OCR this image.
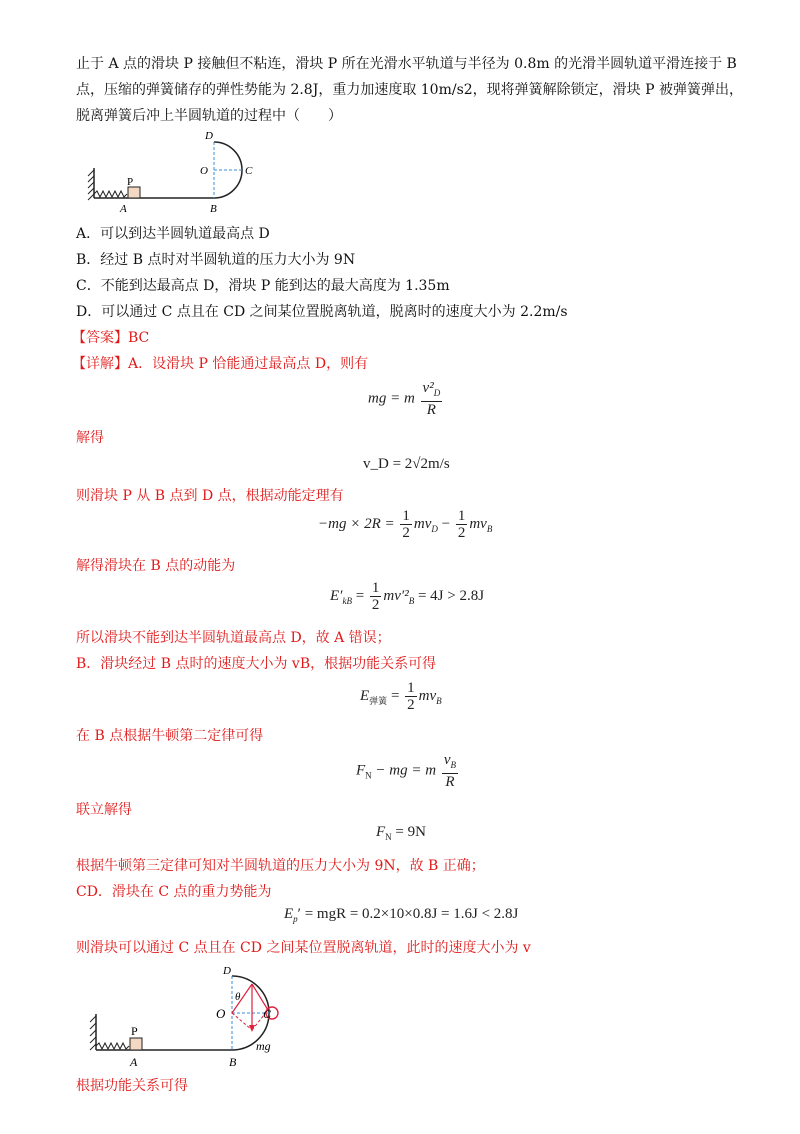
止于 A 点的滑块 P 接触但不粘连，滑块 P 所在光滑水平轨道与半径为 0.8m 的光滑半圆轨道平滑连接于 B
点，压缩的弹簧储存的弹性势能为 2.8J，重力加速度取 10m/s2，现将弹簧解除锁定，滑块 P 被弹簧弹出，
脱离弹簧后冲上半圆轨道的过程中（　　）
P
A
D
O	C
B
A．可以到达半圆轨道最高点 D
B．经过 B 点时对半圆轨道的压力大小为 9N
C．不能到达最高点 D，滑块 P 能到达的最大高度为 1.35m
D．可以通过 C 点且在 CD 之间某位置脱离轨道，脱离时的速度大小为 2.2m/s
【答案】BC
【详解】A．设滑块 P 恰能通过最高点 D，则有
mg = m $\frac{v^2_D}{R}$
解得
v_D = 2√2m/s
则滑块 P 从 B 点到 D 点，根据动能定理有
$-mg \times 2R = \frac{1}{2} mv_D - \frac{1}{2} mv_B$
解得滑块在 B 点的动能为
$E'_{kB} = \frac{1}{2} mv'^2_B = 4J > 2.8J$
所以滑块不能到达半圆轨道最高点 D，故 A 错误；
B．滑块经过 B 点时的速度大小为 vB，根据功能关系可得
$E_{弹簧} = \frac{1}{2} mv_B$
在 B 点根据牛顿第二定律可得
$F_N$ − mg = m $\frac{v_B}{R}$
联立解得
$F_N = 9N$
根据牛顿第三定律可知对半圆轨道的压力大小为 9N，故 B 正确；
CD．滑块在 C 点的重力势能为
$E_p'$ = mgR = 0.2×10×0.8J = 1.6J < 2.8J
则滑块可以通过 C 点且在 CD 之间某位置脱离轨道，此时的速度大小为 v
P
A
D
O	C
θ
mg
B
根据功能关系可得
